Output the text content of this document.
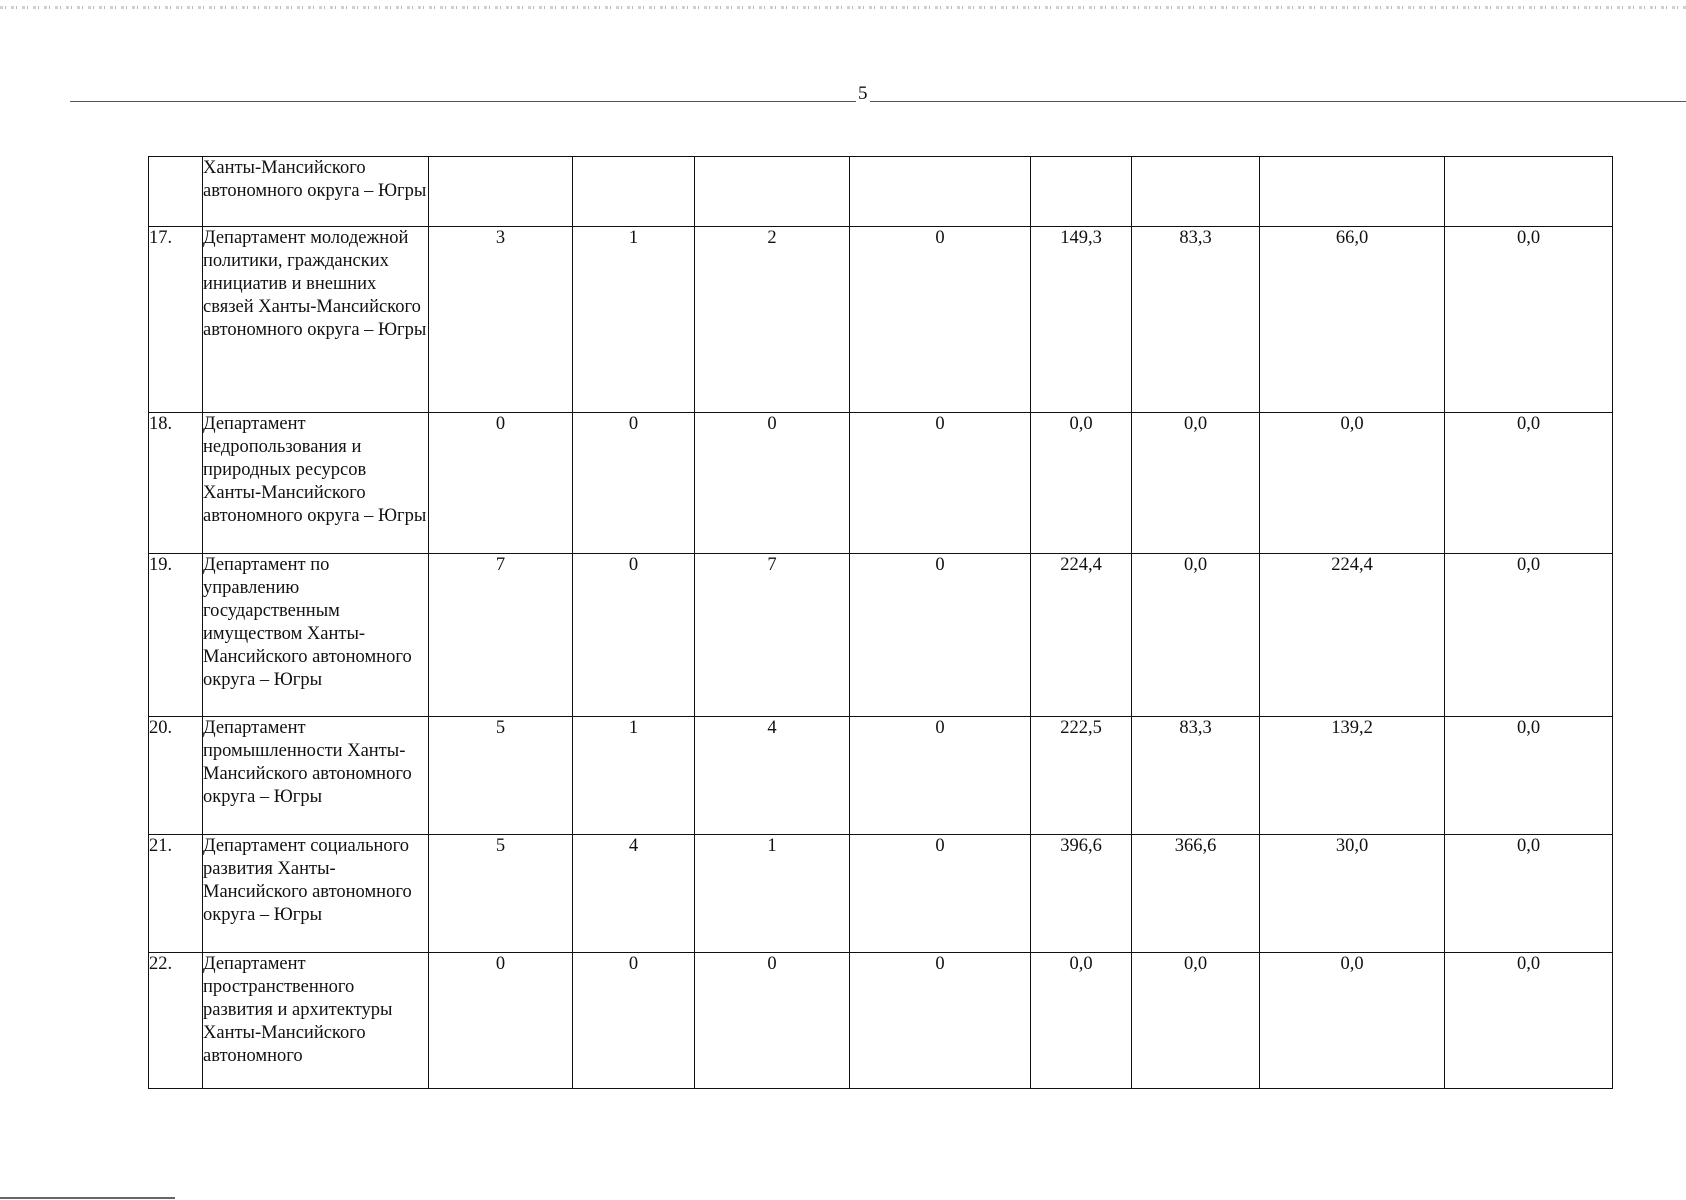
5
	Ханты-Мансийского автономного округа – Югры								
17.	Департамент молодежной политики, гражданских инициатив и внешних связей Ханты-Мансийского автономного округа – Югры	3	1	2	0	149,3	83,3	66,0	0,0
18.	Департамент недропользования и природных ресурсов Ханты-Мансийского автономного округа – Югры	0	0	0	0	0,0	0,0	0,0	0,0
19.	Департамент по управлению государственным имуществом Ханты-Мансийского автономного округа – Югры	7	0	7	0	224,4	0,0	224,4	0,0
20.	Департамент промышленности Ханты-Мансийского автономного округа – Югры	5	1	4	0	222,5	83,3	139,2	0,0
21.	Департамент социального развития Ханты-Мансийского автономного округа – Югры	5	4	1	0	396,6	366,6	30,0	0,0
22.	Департамент пространственного развития и архитектуры Ханты-Мансийского автономного	0	0	0	0	0,0	0,0	0,0	0,0
